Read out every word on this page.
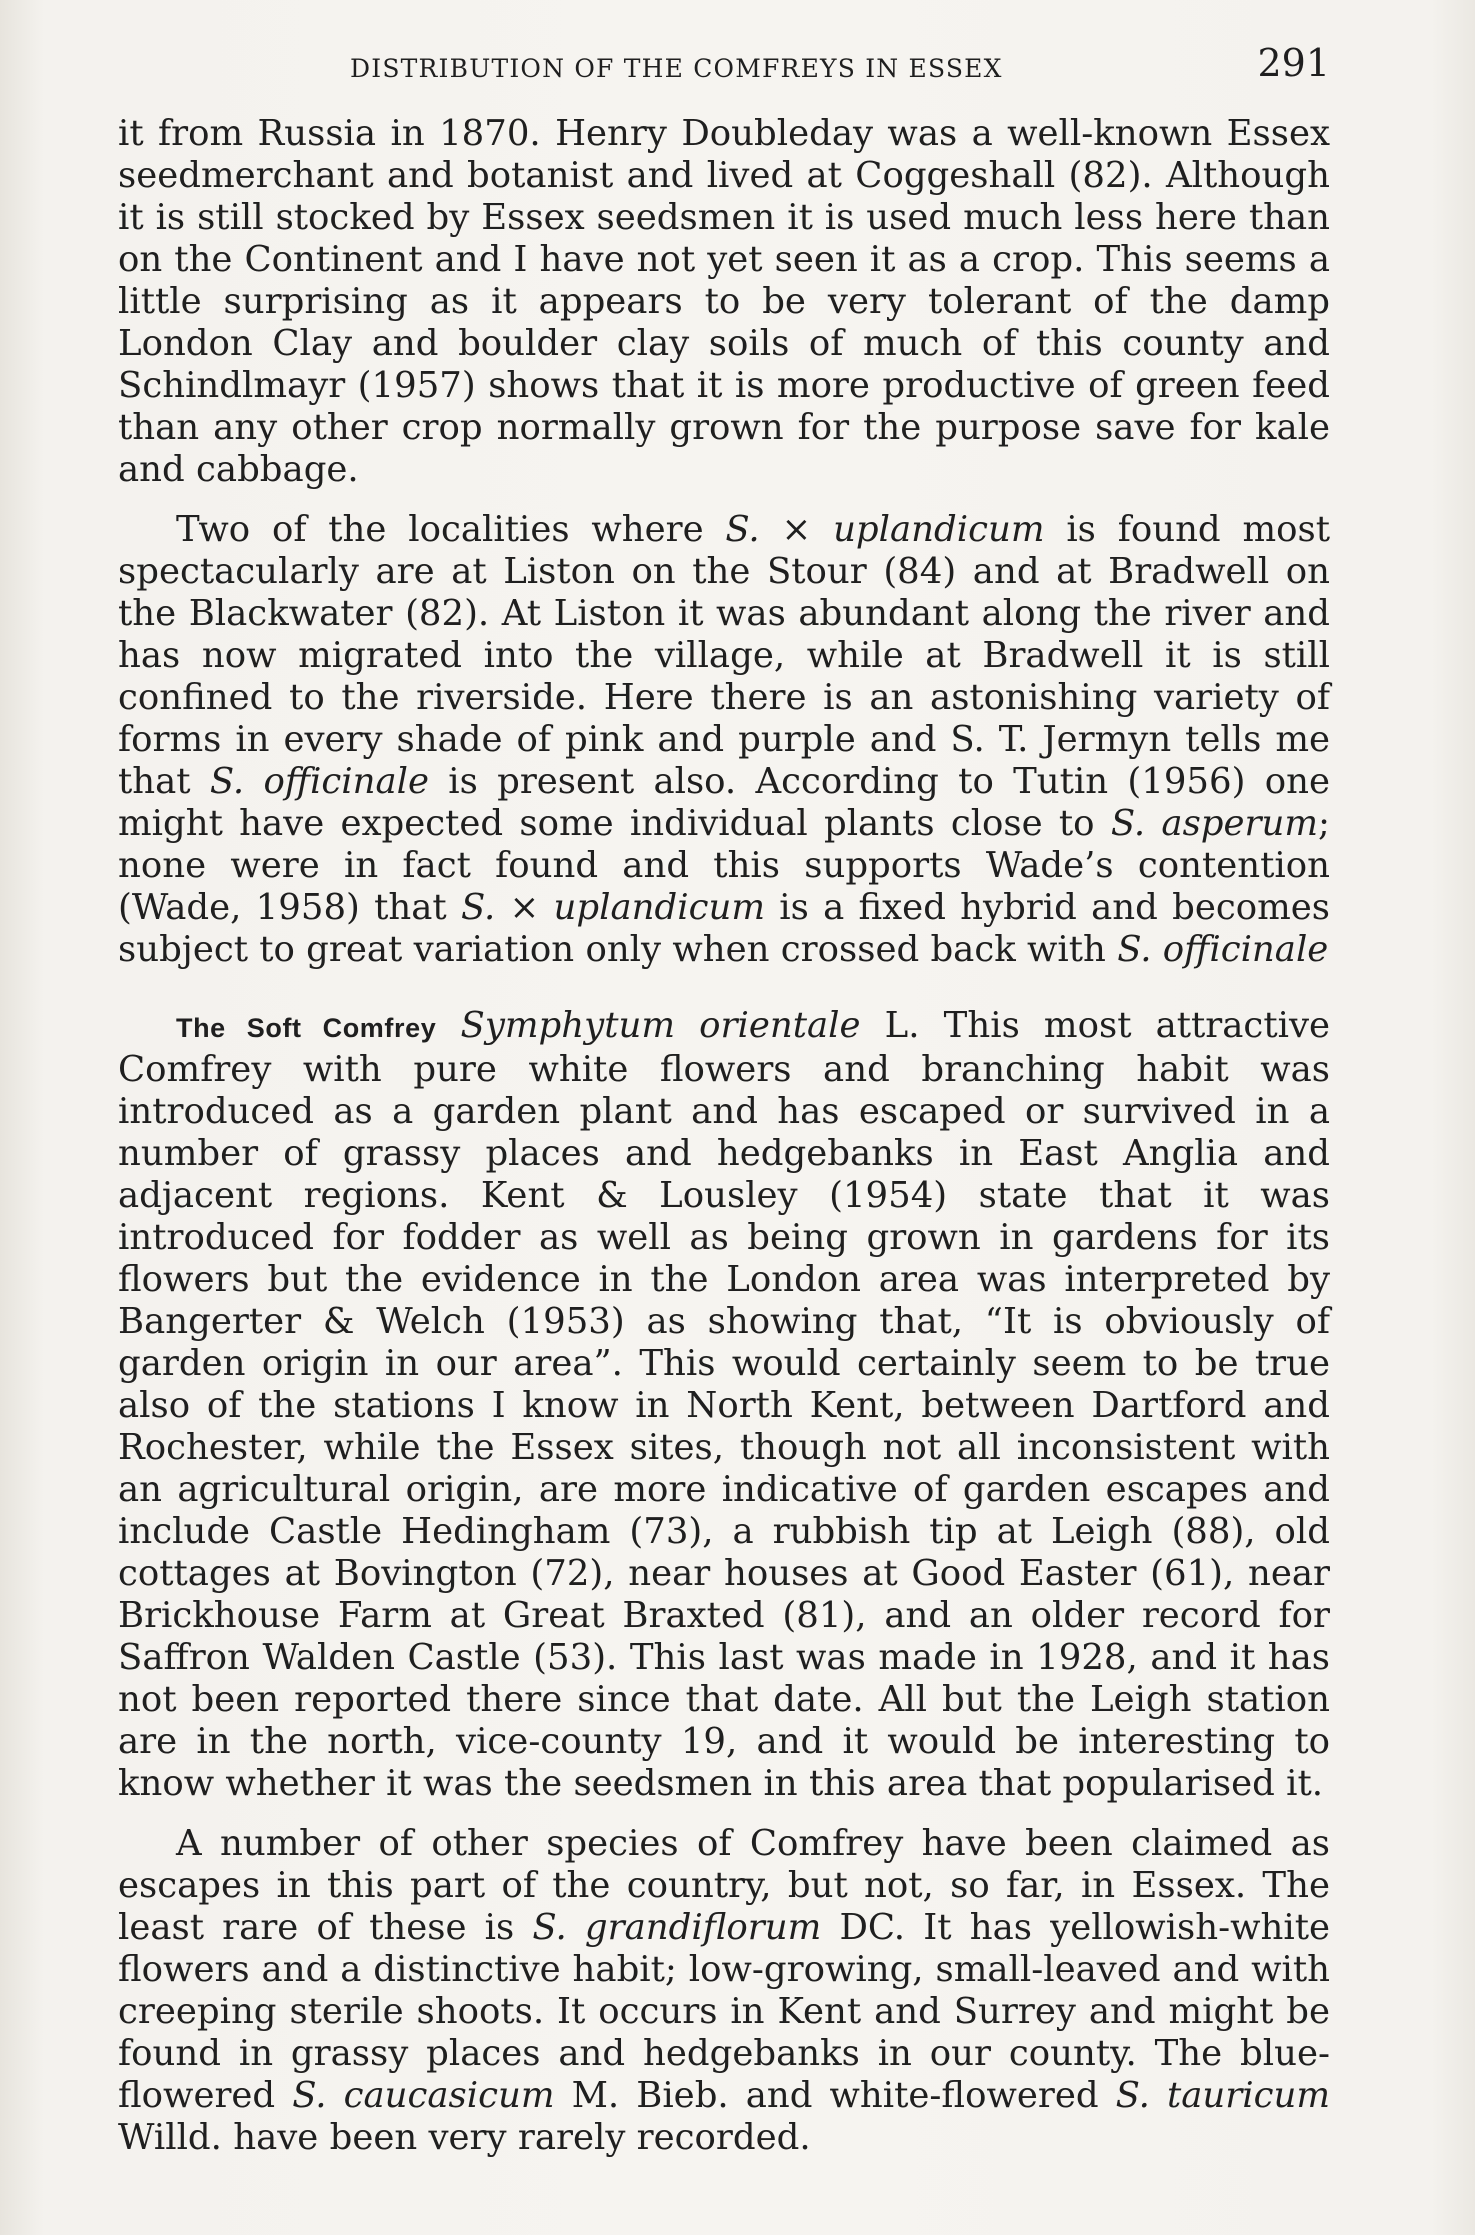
DISTRIBUTION OF THE COMFREYS IN ESSEX	291

it from Russia in 1870. Henry Doubleday was a well-known Essex seedmerchant and botanist and lived at Coggeshall (82). Although it is still stocked by Essex seedsmen it is used much less here than on the Continent and I have not yet seen it as a crop. This seems a little surprising as it appears to be very tolerant of the damp London Clay and boulder clay soils of much of this county and Schindlmayr (1957) shows that it is more productive of green feed than any other crop normally grown for the purpose save for kale and cabbage.

Two of the localities where S. × uplandicum is found most spectacularly are at Liston on the Stour (84) and at Bradwell on the Blackwater (82). At Liston it was abundant along the river and has now migrated into the village, while at Bradwell it is still confined to the riverside. Here there is an astonishing variety of forms in every shade of pink and purple and S. T. Jermyn tells me that S. officinale is present also. According to Tutin (1956) one might have expected some individual plants close to S. asperum; none were in fact found and this supports Wade’s contention (Wade, 1958) that S. × uplandicum is a fixed hybrid and becomes subject to great variation only when crossed back with S. officinale

The Soft Comfrey Symphytum orientale L. This most attractive Comfrey with pure white flowers and branching habit was introduced as a garden plant and has escaped or survived in a number of grassy places and hedgebanks in East Anglia and adjacent regions. Kent & Lousley (1954) state that it was introduced for fodder as well as being grown in gardens for its flowers but the evidence in the London area was interpreted by Bangerter & Welch (1953) as showing that, “It is obviously of garden origin in our area”. This would certainly seem to be true also of the stations I know in North Kent, between Dartford and Rochester, while the Essex sites, though not all inconsistent with an agricultural origin, are more indicative of garden escapes and include Castle Hedingham (73), a rubbish tip at Leigh (88), old cottages at Bovington (72), near houses at Good Easter (61), near Brickhouse Farm at Great Braxted (81), and an older record for Saffron Walden Castle (53). This last was made in 1928, and it has not been reported there since that date. All but the Leigh station are in the north, vice-county 19, and it would be interesting to know whether it was the seedsmen in this area that popularised it.

A number of other species of Comfrey have been claimed as escapes in this part of the country, but not, so far, in Essex. The least rare of these is S. grandiflorum DC. It has yellowish-white flowers and a distinctive habit; low-growing, small-leaved and with creeping sterile shoots. It occurs in Kent and Surrey and might be found in grassy places and hedgebanks in our county. The blue-flowered S. caucasicum M. Bieb. and white-flowered S. tauricum Willd. have been very rarely recorded.
